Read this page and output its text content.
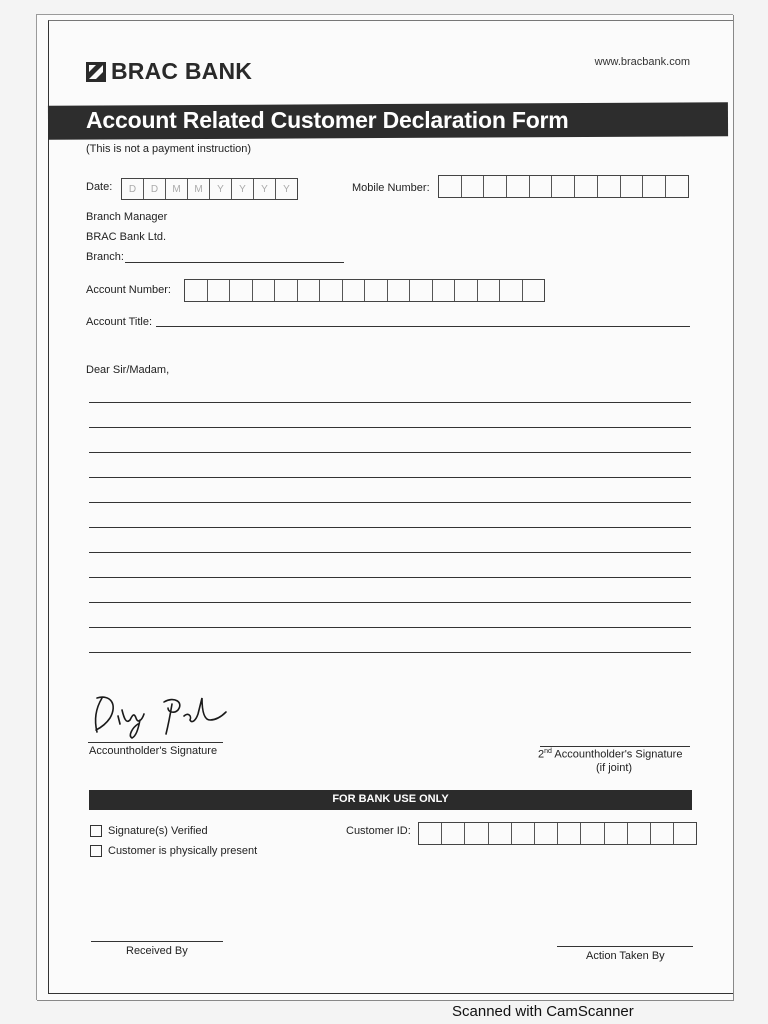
BRAC BANK	www.bracbank.com
Account Related Customer Declaration Form
(This is not a payment instruction)
Date:	D	D	M	M	Y	Y	Y	Y	Mobile Number:
Branch Manager
BRAC Bank Ltd.
Branch:
Account Number:
Account Title:
Dear Sir/Madam,
Accountholder's Signature	2nd Accountholder's Signature
(if joint)
FOR BANK USE ONLY
Signature(s) Verified
Customer is physically present
Customer ID:
Received By	Action Taken By
Scanned with CamScanner
